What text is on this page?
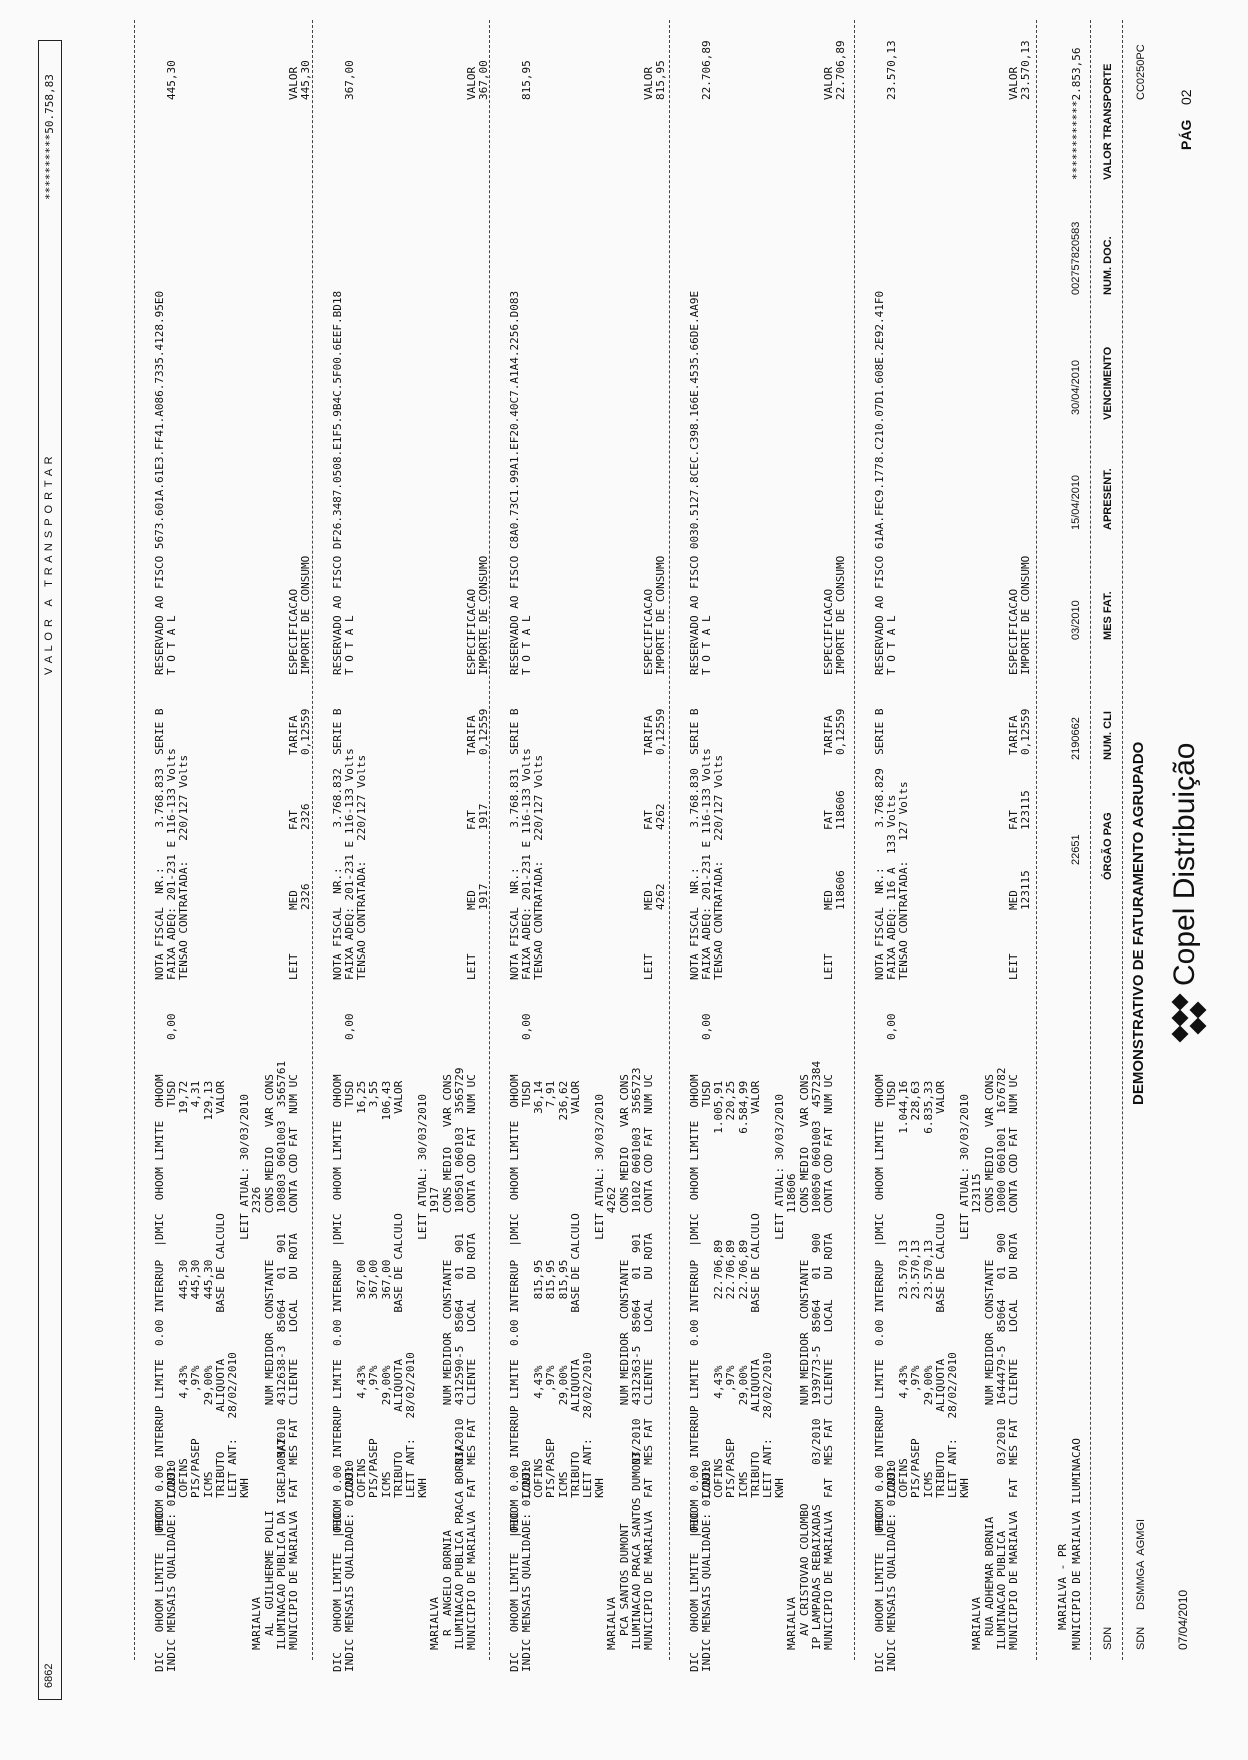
07/04/2010
Copel Distribuição
DEMONSTRATIVO DE FATURAMENTO AGRUPADO
PÁG
02
CC0250PC
SDN
DSMMGA  AGMGI
SDN
ÓRGÃO PAG
NUM. CLI
MES FAT.
APRESENT.
VENCIMENTO
NUM. DOC.
VALOR TRANSPORTE
MUNICIPIO DE MARIALVA ILUMINACAO
MARIALVA - PR
22651
2190662
03/2010
15/04/2010
30/04/2010
00275782058​3
************2.853,56
MUNICIPIO DE MARIALVA
ILUMINACAO PUBLICA
RUA ADHEMAR BORNIA
MARIALVA
FAT  MES FAT  CLIENTE    LOCAL   DU ROTA   CONTA COD FAT  NUM UC
03/2010  1644479-5  85064   01  900   10000 0601001  1676782
NUM MEDIDOR  CONSTANTE       CONS MEDIO   VAR CONS
123115
KWH                                    LEIT ATUAL: 30/03/2010
LEIT ANT:   28/02/2010
TRIBUTO      ALIQUOTA       BASE DE CALCULO               VALOR
ICMS          29,00%          23.570,13                6.835,33
PIS/PASEP       ,97%          23.570,13                  228,63
COFINS         4,43%          23.570,13                1.044,16
CONJ:                                                      TUSD
|FIC   0.00 INTERRUP LIMITE  0.00 INTERRUP  |DMIC  OHOOM LIMITE  OHOOM
INDIC MENSAIS QUALIDADE: 01/2010
DIC   OHOOM LIMITE   OHOOM
LEIT
MED
123115
FAT
123115
TARIFA
0,12559
ESPECIFICACAO
IMPORTE DE CONSUMO
VALOR
23.570,13
TENSAO CONTRATADA:   127 Volts
FAIXA ADEQ: 116 A  133 Volts
NOTA FISCAL  NR.:      3.768.829  SERIE B
T O T A L
RESERVADO AO FISCO 61AA.FEC9.1778.C210.07D1.608E.2E92.41F0
0,00
23.570,13
MUNICIPIO DE MARIALVA
IP LAMPADAS REBAIXADAS
AV CRISTOVAO COLOMBO
MARIALVA
FAT  MES FAT  CLIENTE    LOCAL   DU ROTA   CONTA COD FAT  NUM UC
03/2010  1939773-5  85064   01  900   100050 0601003  4572384
NUM MEDIDOR  CONSTANTE       CONS MEDIO   VAR CONS
118606
KWH                                    LEIT ATUAL: 30/03/2010
LEIT ANT:   28/02/2010
TRIBUTO      ALIQUOTA       BASE DE CALCULO               VALOR
ICMS          29,00%          22.706,89                6.584,99
PIS/PASEP       ,97%          22.706,89                  220,25
COFINS         4,43%          22.706,89                1.005,91
CONJ:                                                      TUSD
|FIC   0.00 INTERRUP LIMITE  0.00 INTERRUP  |DMIC  OHOOM LIMITE  OHOOM
INDIC MENSAIS QUALIDADE: 01/2010
DIC   OHOOM LIMITE   OHOOM
LEIT
MED
118606
FAT
118606
TARIFA
0,12559
ESPECIFICACAO
IMPORTE DE CONSUMO
VALOR
22.706,89
TENSAO CONTRATADA:   220/127 Volts
FAIXA ADEQ: 201-231 E 116-133 Volts
NOTA FISCAL  NR.:      3.768.830  SERIE B
T O T A L
RESERVADO AO FISCO 0030.5127.8CEC.C398.166E.4535.66DE.AA9E
0,00
22.706,89
MUNICIPIO DE MARIALVA
ILUMINACAO PRACA SANTOS DUMONT
PCA SANTOS DUMONT
MARIALVA
FAT  MES FAT  CLIENTE    LOCAL   DU ROTA   CONTA COD FAT  NUM UC
03/2010  4312363-5  85064   01  901   10102 0601003  3565723
NUM MEDIDOR  CONSTANTE       CONS MEDIO   VAR CONS
4262
KWH                                    LEIT ATUAL: 30/03/2010
LEIT ANT:   28/02/2010
TRIBUTO      ALIQUOTA       BASE DE CALCULO               VALOR
ICMS          29,00%          815,95                     236,62
PIS/PASEP       ,97%          815,95                       7,91
COFINS         4,43%          815,95                      36,14
CONJ:                                                      TUSD
|FIC   0.00 INTERRUP LIMITE  0.00 INTERRUP  |DMIC  OHOOM LIMITE  OHOOM
INDIC MENSAIS QUALIDADE: 01/2010
DIC   OHOOM LIMITE   OHOOM
LEIT
MED
4262
FAT
4262
TARIFA
0,12559
ESPECIFICACAO
IMPORTE DE CONSUMO
VALOR
815,95
TENSAO CONTRATADA:   220/127 Volts
FAIXA ADEQ: 201-231 E 116-133 Volts
NOTA FISCAL  NR.:      3.768.831  SERIE B
T O T A L
RESERVADO AO FISCO C8A0.73C1.99A1.EF20.40C7.A1A4.2256.D083
0,00
815,95
MUNICIPIO DE MARIALVA
ILUMINACAO PUBLICA PRACA BORNIA
R  ANGELO BORNIA
MARIALVA
FAT  MES FAT  CLIENTE    LOCAL   DU ROTA   CONTA COD FAT  NUM UC
03/2010  4312590-5  85064   01  901   100501 060103  3565729
NUM MEDIDOR  CONSTANTE       CONS MEDIO   VAR CONS
1917
KWH                                    LEIT ATUAL: 30/03/2010
LEIT ANT:   28/02/2010
TRIBUTO      ALIQUOTA       BASE DE CALCULO               VALOR
ICMS          29,00%          367,00                     106,43
PIS/PASEP       ,97%          367,00                       3,55
COFINS         4,43%          367,00                      16,25
CONJ:                                                      TUSD
|FIC   0.00 INTERRUP LIMITE  0.00 INTERRUP  |DMIC  OHOOM LIMITE  OHOOM
INDIC MENSAIS QUALIDADE: 01/2010
DIC   OHOOM LIMITE   OHOOM
LEIT
MED
1917
FAT
1917
TARIFA
0,12559
ESPECIFICACAO
IMPORTE DE CONSUMO
VALOR
367,00
TENSAO CONTRATADA:   220/127 Volts
FAIXA ADEQ: 201-231 E 116-133 Volts
NOTA FISCAL  NR.:      3.768.832  SERIE B
T O T A L
RESERVADO AO FISCO DF26.3487.0508.E1F5.9B4C.5F00.6EEF.BD18
0,00
367,00
MUNICIPIO DE MARIALVA
ILUMINACAO PUBLICA DA IGREJA MAT
AL  GUILHERME POLLI
MARIALVA
FAT  MES FAT  CLIENTE    LOCAL   DU ROTA   CONTA COD FAT  NUM UC
03/2010  4312638-3  85064   01  901   100803 0601003  3565761
NUM MEDIDOR  CONSTANTE       CONS MEDIO   VAR CONS
2326
KWH                                    LEIT ATUAL: 30/03/2010
LEIT ANT:   28/02/2010
TRIBUTO      ALIQUOTA       BASE DE CALCULO               VALOR
ICMS          29,00%          445,30                     129,13
PIS/PASEP       ,97%          445,30                       4,31
COFINS         4,43%          445,30                      19,72
CONJ:                                                      TUSD
|FIC   0.00 INTERRUP LIMITE  0.00 INTERRUP  |DMIC  OHOOM LIMITE  OHOOM
INDIC MENSAIS QUALIDADE: 01/2010
DIC   OHOOM LIMITE   OHOOM
LEIT
MED
2326
FAT
2326
TARIFA
0,12559
ESPECIFICACAO
IMPORTE DE CONSUMO
VALOR
445,30
TENSAO CONTRATADA:   220/127 Volts
FAIXA ADEQ: 201-231 E 116-133 Volts
NOTA FISCAL  NR.:      3.768.833  SERIE B
T O T A L
RESERVADO AO FISCO 5673.601A.61E3.FF41.A086.7335.4128.95E0
0,00
445,30
6862
V A L O R   A   T R A N S P O R T A R
**********50.758,83
